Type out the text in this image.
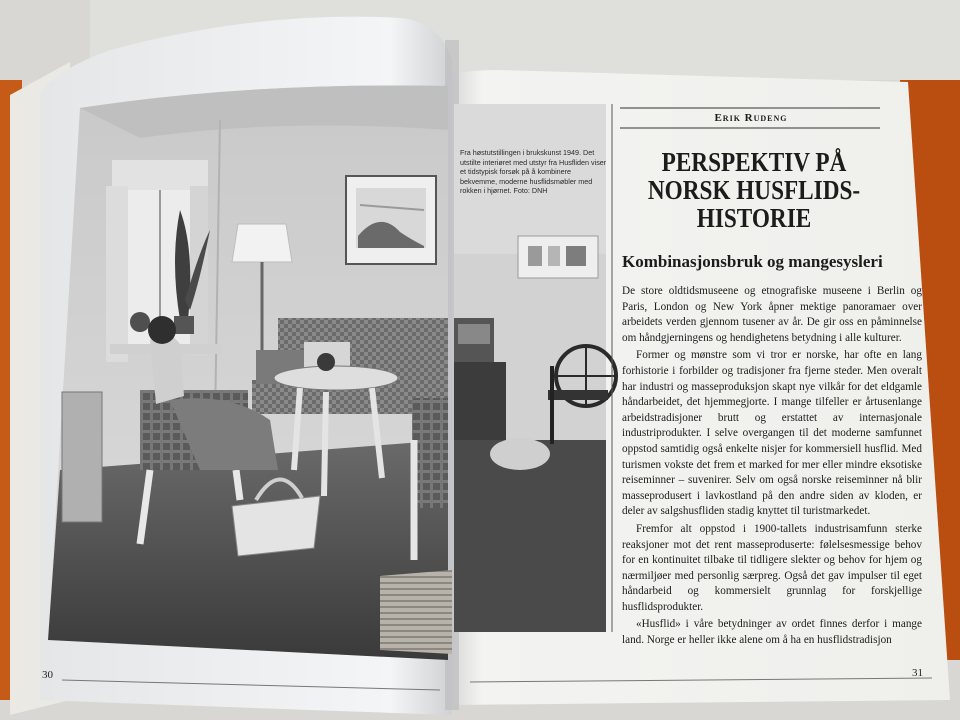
30	31
Fra høstutstillingen i brukskunst 1949. Det utstilte interiøret med utstyr fra Husfliden viser et tidstypisk forsøk på å kombinere bekvemme, moderne husflidsmøbler med rokken i hjørnet. Foto: DNH
Erik Rudeng
PERSPEKTIV PÅ
NORSK HUSFLIDS-
HISTORIE
Kombinasjonsbruk og mangesysleri

De store oldtidsmuseene og etnografiske museene i Berlin og Paris, London og New York åpner mektige panoramaer over arbeidets verden gjennom tusener av år. De gir oss en påminnelse om håndgjerningens og hendighetens betydning i alle kulturer.

Former og mønstre som vi tror er norske, har ofte en lang forhistorie i forbilder og tradisjoner fra fjerne steder. Men overalt har industri og masseproduksjon skapt nye vilkår for det eldgamle håndarbeidet, det hjemmegjorte. I mange tilfeller er årtusenlange arbeidstradisjoner brutt og erstattet av internasjonale industriprodukter. I selve overgangen til det moderne samfunnet oppstod samtidig også enkelte nisjer for kommersiell husflid. Med turismen vokste det frem et marked for mer eller mindre eksotiske reiseminner – suvenirer. Selv om også norske reiseminner nå blir masseprodusert i lavkostland på den andre siden av kloden, er deler av salgshusfliden stadig knyttet til turistmarkedet.

Fremfor alt oppstod i 1900-tallets industrisamfunn sterke reaksjoner mot det rent masseproduserte: følelsesmessige behov for en kontinuitet tilbake til tidligere slekter og behov for hjem og nærmiljøer med personlig særpreg. Også det gav impulser til eget håndarbeid og kommersielt grunnlag for forskjellige husflidsprodukter.

«Husflid» i våre betydninger av ordet finnes derfor i mange land. Norge er heller ikke alene om å ha en husflidstradisjon
